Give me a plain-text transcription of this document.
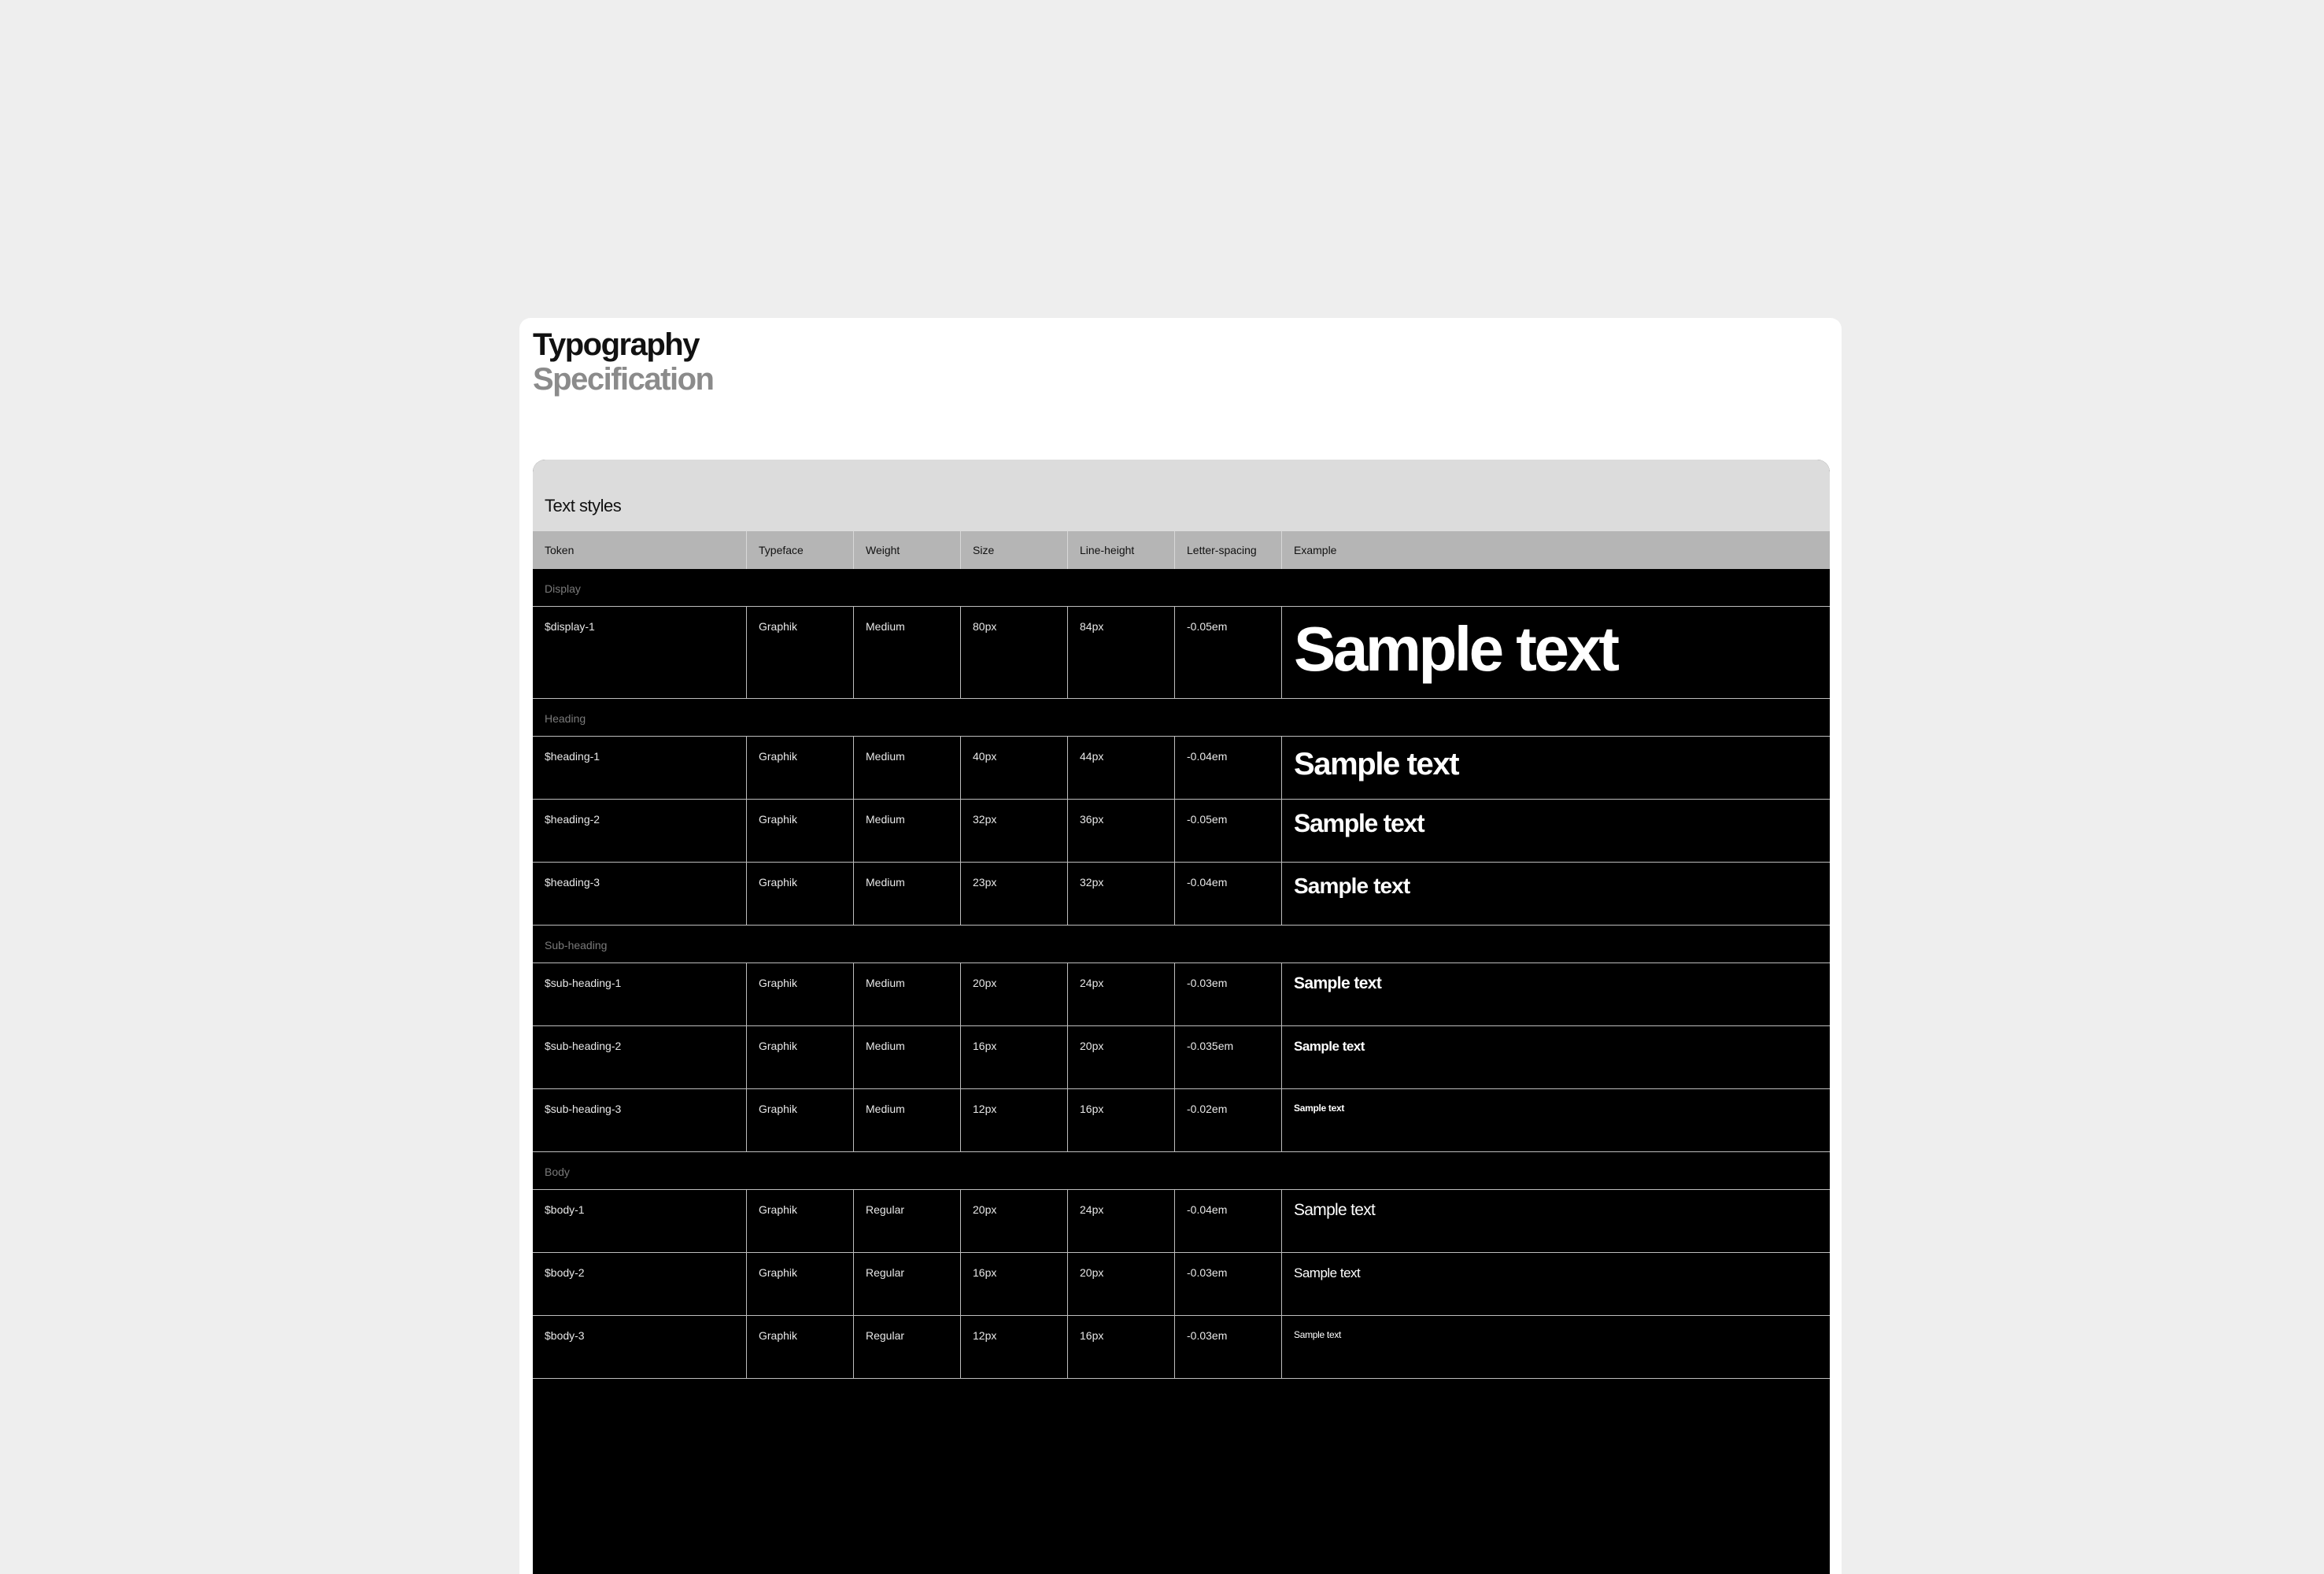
Typography
Specification
Text styles
Token	Typeface	Weight	Size	Line-height	Letter-spacing	Example
Display
$display-1	Graphik	Medium	80px	84px	-0.05em	Sample text
Heading
$heading-1	Graphik	Medium	40px	44px	-0.04em	Sample text
$heading-2	Graphik	Medium	32px	36px	-0.05em	Sample text
$heading-3	Graphik	Medium	23px	32px	-0.04em	Sample text
Sub-heading
$sub-heading-1	Graphik	Medium	20px	24px	-0.03em	Sample text
$sub-heading-2	Graphik	Medium	16px	20px	-0.035em	Sample text
$sub-heading-3	Graphik	Medium	12px	16px	-0.02em	Sample text
Body
$body-1	Graphik	Regular	20px	24px	-0.04em	Sample text
$body-2	Graphik	Regular	16px	20px	-0.03em	Sample text
$body-3	Graphik	Regular	12px	16px	-0.03em	Sample text
